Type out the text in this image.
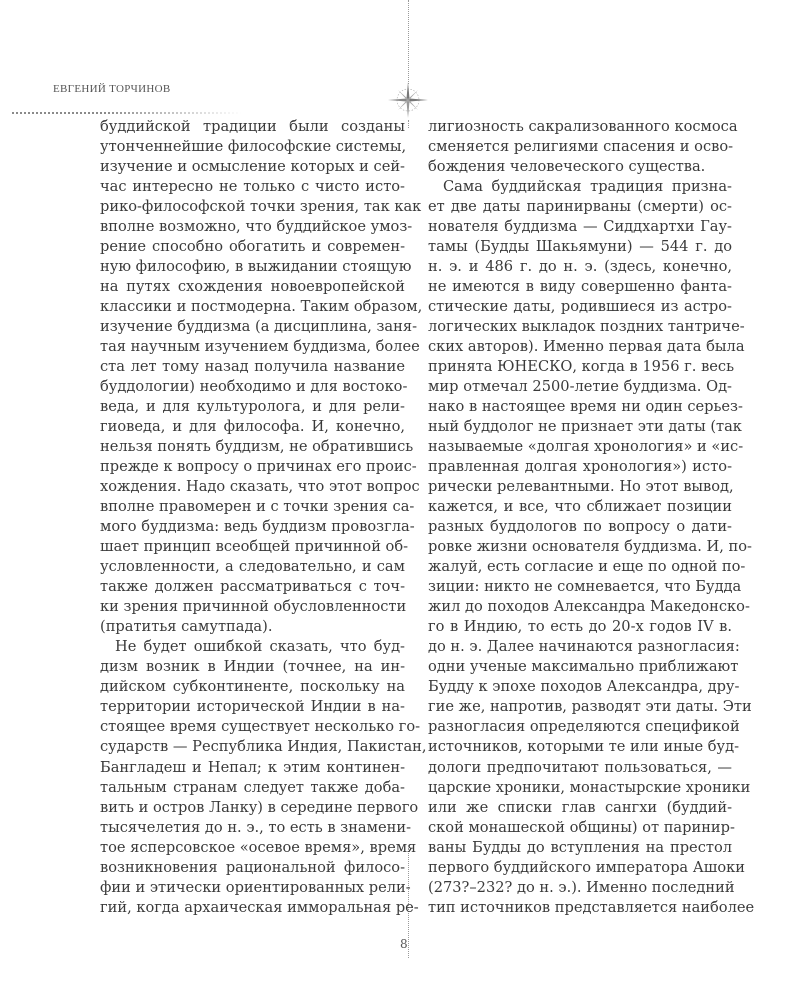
ЕВГЕНИЙ ТОРЧИНОВ
буддийской традиции были созданы
утонченнейшие философские системы,
изучение и осмысление которых и сей-
час интересно не только с чисто исто-
рико-философской точки зрения, так как
вполне возможно, что буддийское умоз-
рение способно обогатить и современ-
ную философию, в выжидании стоящую
на путях схождения новоевропейской
классики и постмодерна. Таким образом,
изучение буддизма (а дисциплина, заня-
тая научным изучением буддизма, более
ста лет тому назад получила название
буддологии) необходимо и для востоко-
веда, и для культуролога, и для рели-
гиоведа, и для философа. И, конечно,
нельзя понять буддизм, не обратившись
прежде к вопросу о причинах его проис-
хождения. Надо сказать, что этот вопрос
вполне правомерен и с точки зрения са-
мого буддизма: ведь буддизм провозгла-
шает принцип всеобщей причинной об-
условленности, а следовательно, и сам
также должен рассматриваться с точ-
ки зрения причинной обусловленности
(пратитья самутпада).
Не будет ошибкой сказать, что буд-
дизм возник в Индии (точнее, на ин-
дийском субконтиненте, поскольку на
территории исторической Индии в на-
стоящее время существует несколько го-
сударств — Республика Индия, Пакистан,
Бангладеш и Непал; к этим континен-
тальным странам следует также доба-
вить и остров Ланку) в середине первого
тысячелетия до н. э., то есть в знамени-
тое ясперсовское «осевое время», время
возникновения рациональной филосо-
фии и этически ориентированных рели-
гий, когда архаическая имморальная ре-
лигиозность сакрализованного космоса
сменяется религиями спасения и осво-
бождения человеческого существа.
Сама буддийская традиция призна-
ет две даты паринирваны (смерти) ос-
нователя буддизма — Сиддхартхи Гау-
тамы (Будды Шакьямуни) — 544 г. до
н. э. и 486 г. до н. э. (здесь, конечно,
не имеются в виду совершенно фанта-
стические даты, родившиеся из астро-
логических выкладок поздних тантриче-
ских авторов). Именно первая дата была
принята ЮНЕСКО, когда в 1956 г. весь
мир отмечал 2500-летие буддизма. Од-
нако в настоящее время ни один серьез-
ный буддолог не признает эти даты (так
называемые «долгая хронология» и «ис-
правленная долгая хронология») исто-
рически релевантными. Но этот вывод,
кажется, и все, что сближает позиции
разных буддологов по вопросу о дати-
ровке жизни основателя буддизма. И, по-
жалуй, есть согласие и еще по одной по-
зиции: никто не сомневается, что Будда
жил до походов Александра Македонско-
го в Индию, то есть до 20-х годов IV в.
до н. э. Далее начинаются разногласия:
одни ученые максимально приближают
Будду к эпохе походов Александра, дру-
гие же, напротив, разводят эти даты. Эти
разногласия определяются спецификой
источников, которыми те или иные буд-
дологи предпочитают пользоваться, —
царские хроники, монастырские хроники
или же списки глав сангхи (буддий-
ской монашеской общины) от паринир-
ваны Будды до вступления на престол
первого буддийского императора Ашоки
(273?–232? до н. э.). Именно последний
тип источников представляется наиболее
8
